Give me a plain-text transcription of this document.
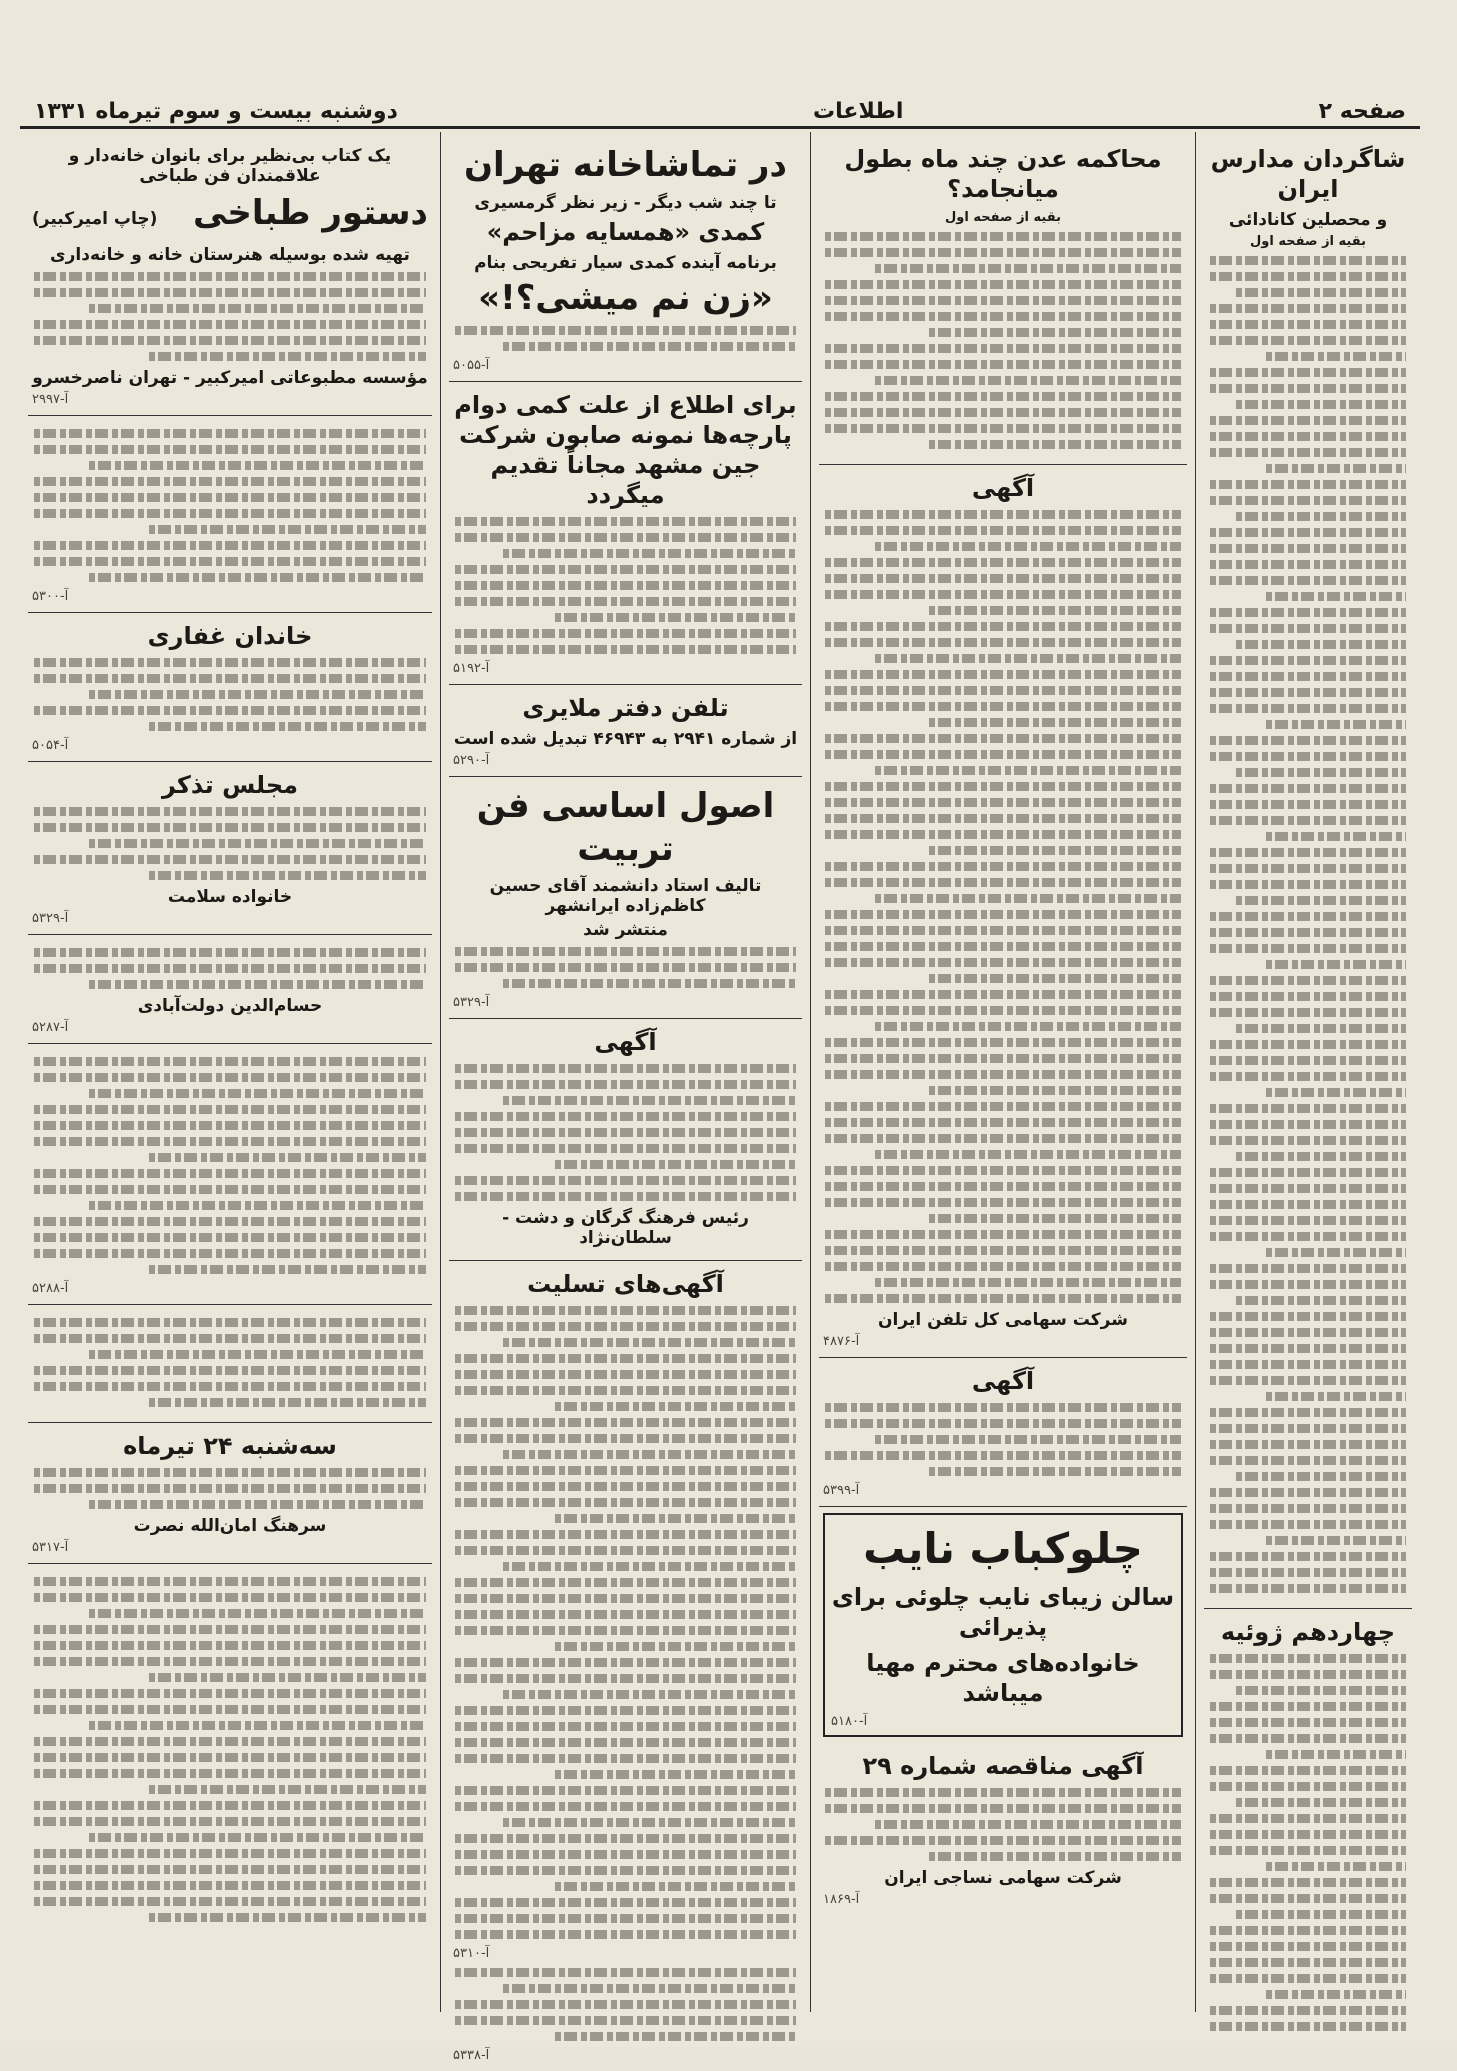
صفحه ۲
اطلاعات
دوشنبه بیست و سوم تیرماه ۱۳۳۱
شاگردان مدارس ایران
و محصلین کانادائی
بقیه از صفحه اول
چهاردهم ژوئیه
محاکمه عدن چند ماه بطول میانجامد؟
بقیه از صفحه اول
آگهی
شرکت سهامی کل تلفن ایران
آ-۴۸۷۶
آگهی
آ-۵۳۹۹
چلوکباب نایب
سالن زیبای نایب چلوئی برای پذیرائی
خانواده‌های محترم مهیا میباشد
آ-۵۱۸۰
آگهی مناقصه شماره ۲۹
شرکت سهامی نساجی ایران
آ-۱۸۶۹
در تماشاخانه تهران
تا چند شب دیگر - زیر نظر گرمسیری
کمدی «همسایه مزاحم»
برنامه آینده کمدی سیار تفریحی بنام
«زن نم میشی؟!»
آ-۵۰۵۵
برای اطلاع از علت کمی دوام پارچه‌ها نمونه صابون شرکت جین مشهد مجاناً تقدیم میگردد
آ-۵۱۹۲
تلفن دفتر ملایری
از شماره ۲۹۴۱ به ۴۶۹۴۳ تبدیل شده است
آ-۵۲۹۰
اصول اساسی فن تربیت
تالیف استاد دانشمند آقای حسین کاظم‌زاده ایرانشهر
منتشر شد
آ-۵۳۲۹
آگهی
رئیس فرهنگ گرگان و دشت - سلطان‌نژاد
آگهی‌های تسلیت
آ-۵۳۱۰
آ-۵۳۳۸
یک کتاب بی‌نظیر برای بانوان خانه‌دار و علاقمندان فن طباخی
دستور طباخی
(چاپ امیرکبیر)
تهیه شده بوسیله هنرستان خانه و خانه‌داری
مؤسسه مطبوعاتی امیرکبیر - تهران ناصرخسرو
آ-۲۹۹۷
آ-۵۳۰۰
خاندان غفاری
آ-۵۰۵۴
مجلس تذکر
خانواده سلامت
آ-۵۳۲۹
حسام‌الدین دولت‌آبادی
آ-۵۲۸۷
آ-۵۲۸۸
سه‌شنبه ۲۴ تیرماه
سرهنگ امان‌الله نصرت
آ-۵۳۱۷
